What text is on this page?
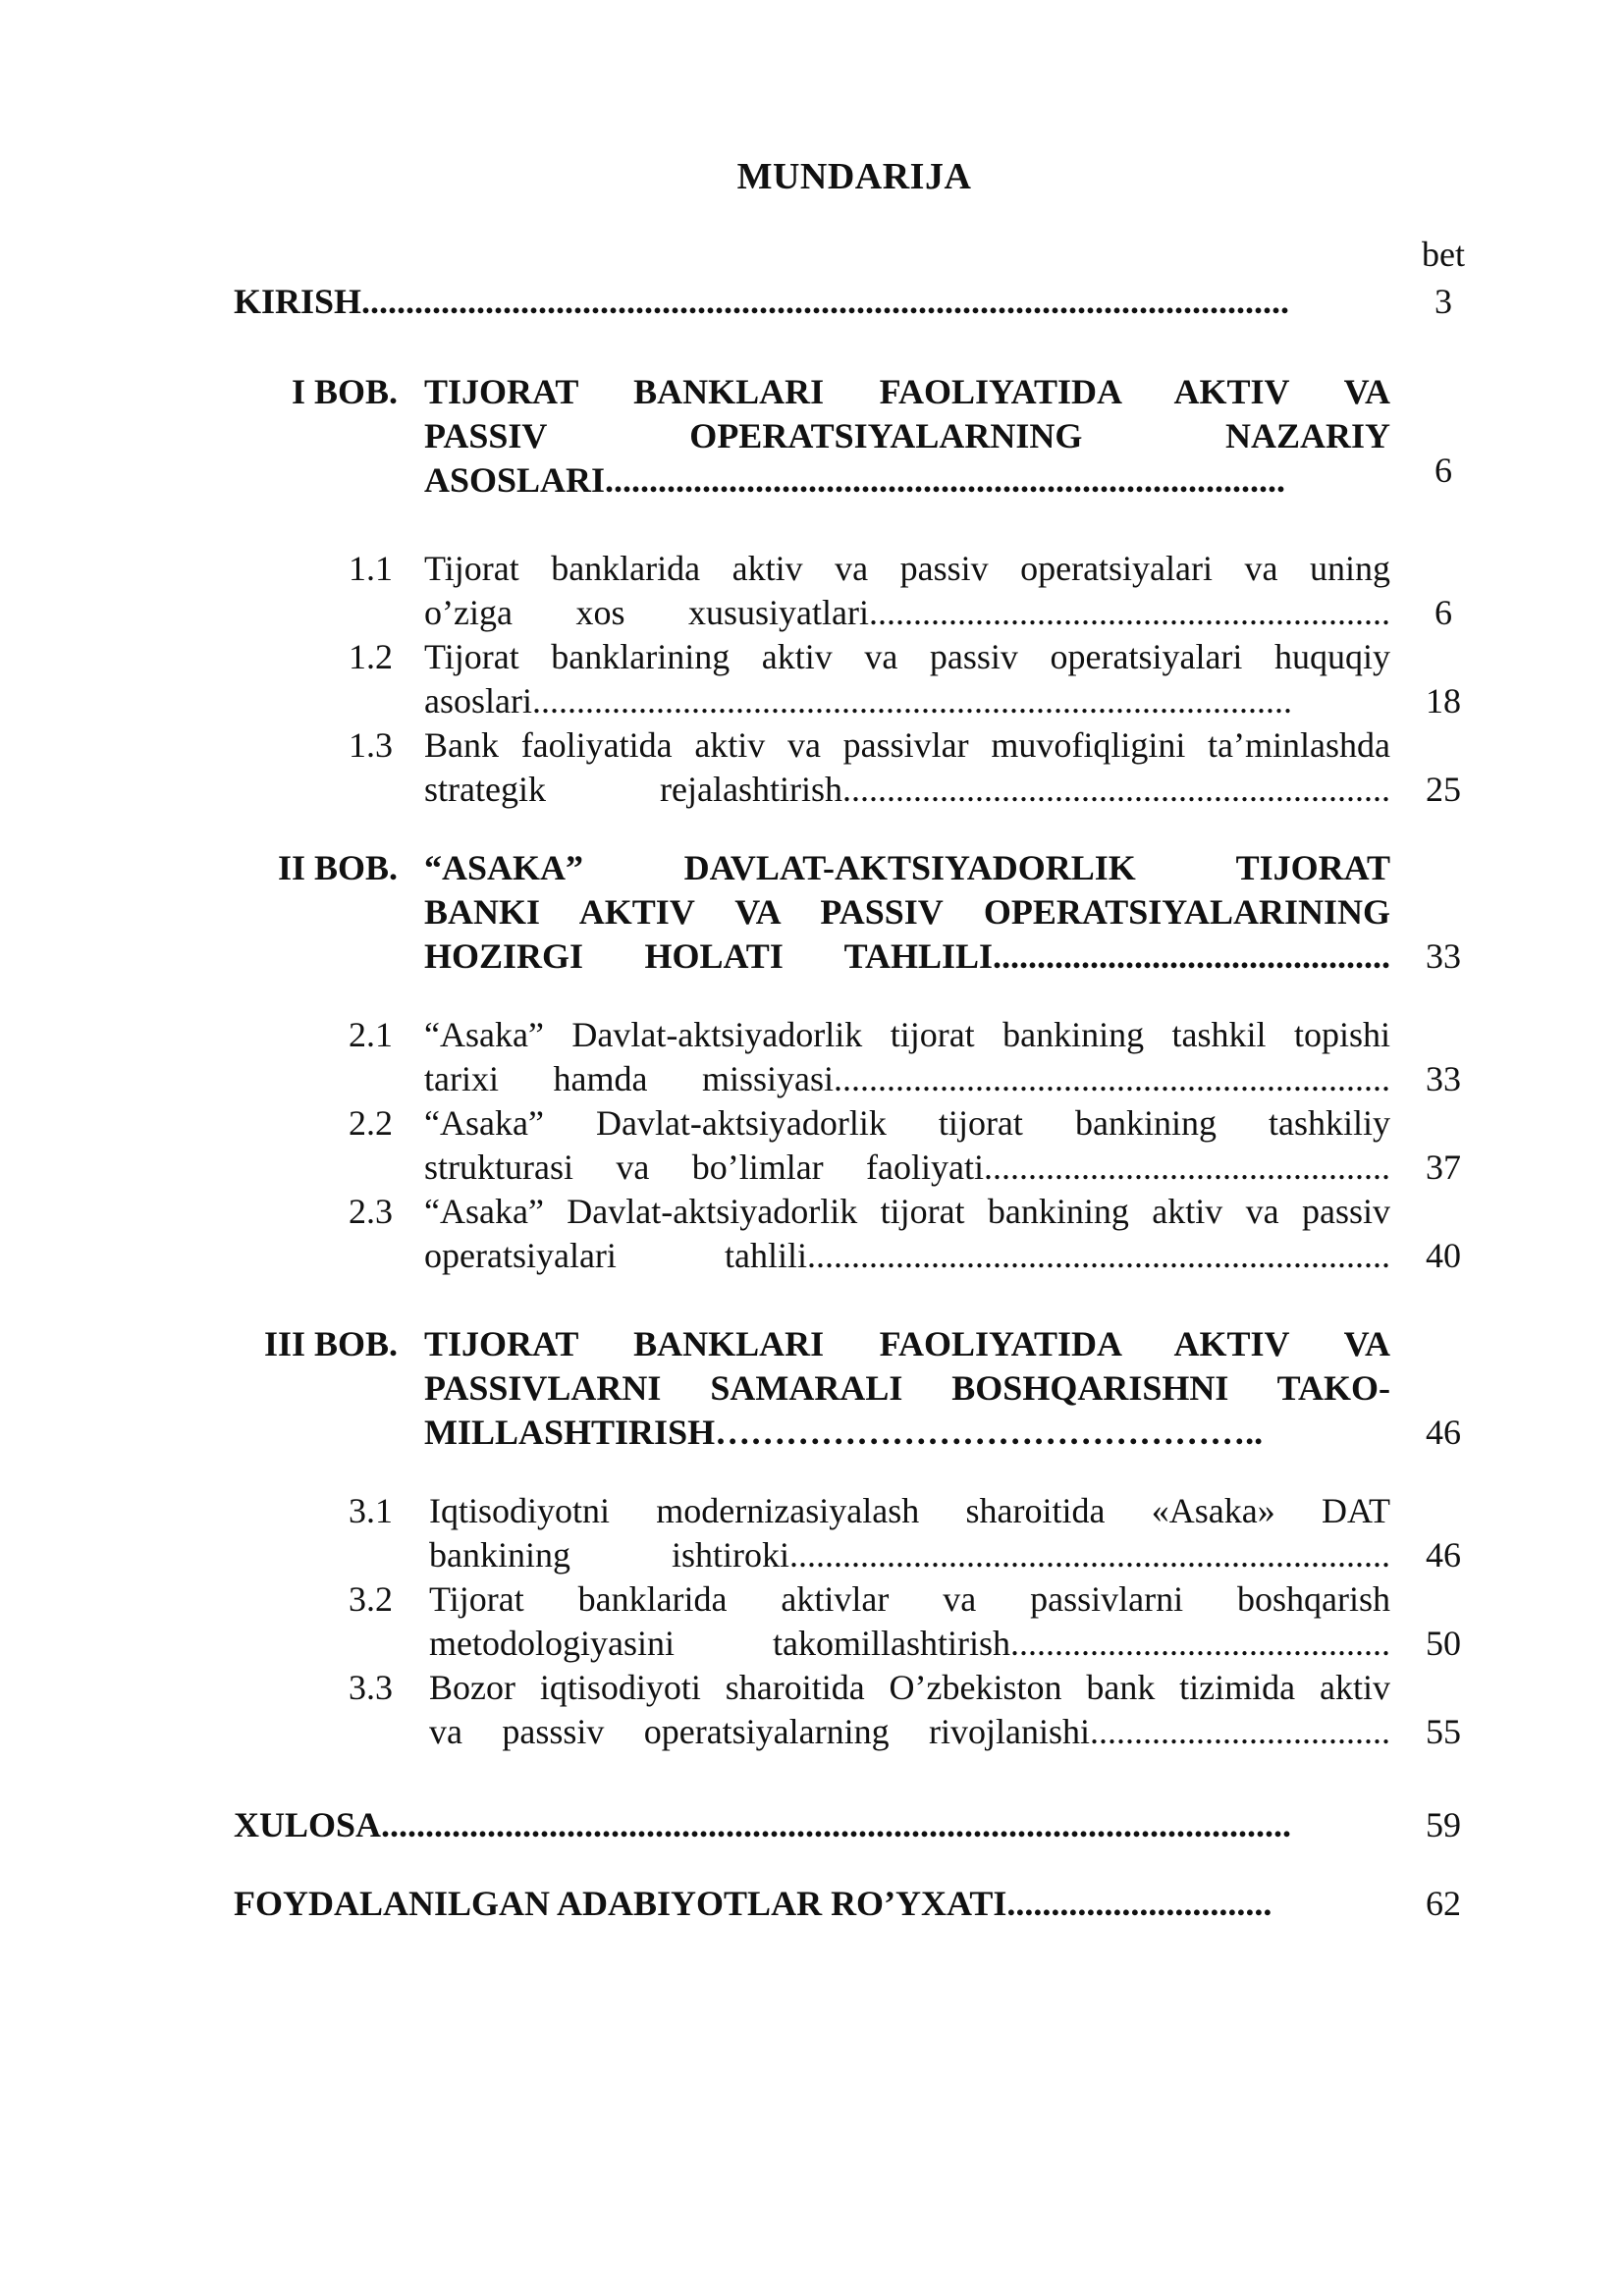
MUNDARIJA
bet
KIRISH.........................................................................................................	3
I BOB. TIJORAT BANKLARI FAOLIYATIDA AKTIV VA
PASSIV OPERATSIYALARNING NAZARIY
ASOSLARI.............................................................................	6
1.1 Tijorat banklarida aktiv va passiv operatsiyalari va uning
o’ziga xos xususiyatlari...........................................................	6
1.2 Tijorat banklarining aktiv va passiv operatsiyalari huquqiy
asoslari......................................................................................	18
1.3 Bank faoliyatida aktiv va passivlar muvofiqligini ta’minlashda
strategik rejalashtirish..............................................................	25
II BOB. “ASAKA” DAVLAT-AKTSIYADORLIK TIJORAT
BANKI AKTIV VA PASSIV OPERATSIYALARINING
HOZIRGI HOLATI TAHLILI.............................................	33
2.1 “Asaka” Davlat-aktsiyadorlik tijorat bankining tashkil topishi
tarixi hamda missiyasi...............................................................	33
2.2 “Asaka” Davlat-aktsiyadorlik tijorat bankining tashkiliy
strukturasi va bo’limlar faoliyati..............................................	37
2.3 “Asaka” Davlat-aktsiyadorlik tijorat bankining aktiv va passiv
operatsiyalari tahlili..................................................................	40
III BOB. TIJORAT BANKLARI FAOLIYATIDA AKTIV VA
PASSIVLARNI SAMARALI BOSHQARISHNI TAKO-
MILLASHTIRISH………………………………………..	46
3.1 Iqtisodiyotni modernizasiyalash sharoitida «Asaka» DAT
bankining ishtiroki....................................................................	46
3.2 Tijorat banklarida aktivlar va passivlarni boshqarish
metodologiyasini takomillashtirish...........................................	50
3.3 Bozor iqtisodiyoti sharoitida O’zbekiston bank tizimida aktiv
va passsiv operatsiyalarning rivojlanishi..................................	55
XULOSA.......................................................................................................	59
FOYDALANILGAN ADABIYOTLAR RO’YXATI..............................	62
